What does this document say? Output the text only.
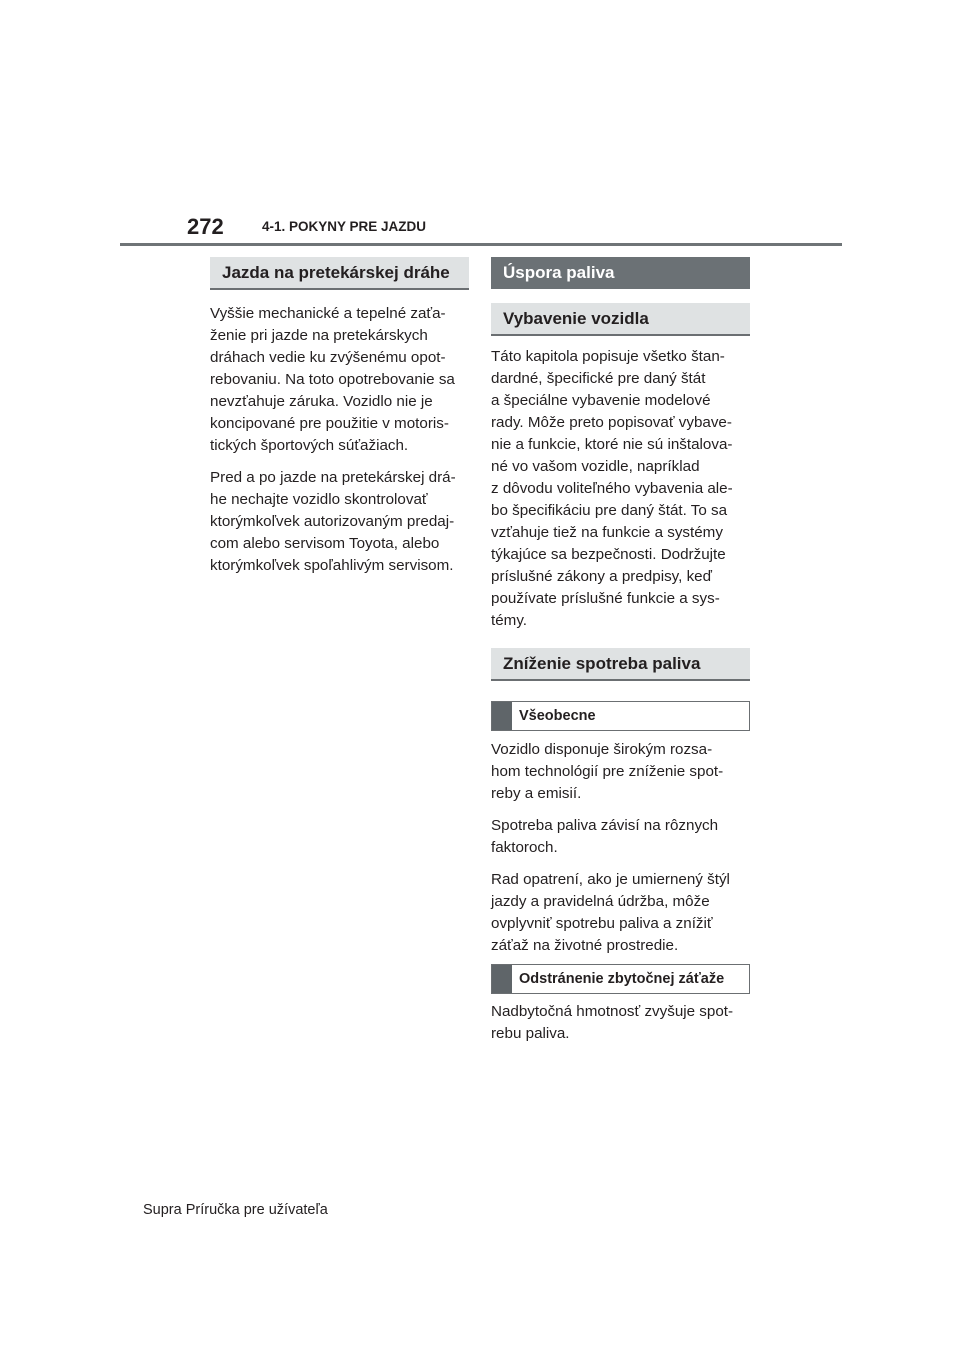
272	4-1. POKYNY PRE JAZDU
Jazda na pretekárskej dráhe

Vyššie mechanické a tepelné zaťa-
ženie pri jazde na pretekárskych
dráhach vedie ku zvýšenému opot-
rebovaniu. Na toto opotrebovanie sa
nevzťahuje záruka. Vozidlo nie je
koncipované pre použitie v motoris-
tických športových súťažiach.

Pred a po jazde na pretekárskej drá-
he nechajte vozidlo skontrolovať
ktorýmkoľvek autorizovaným predaj-
com alebo servisom Toyota, alebo
ktorýmkoľvek spoľahlivým servisom.

Úspora paliva
Vybavenie vozidla

Táto kapitola popisuje všetko štan-
dardné, špecifické pre daný štát
a špeciálne vybavenie modelové
rady. Môže preto popisovať vybave-
nie a funkcie, ktoré nie sú inštalova-
né vo vašom vozidle, napríklad
z dôvodu voliteľného vybavenia ale-
bo špecifikáciu pre daný štát. To sa
vzťahuje tiež na funkcie a systémy
týkajúce sa bezpečnosti. Dodržujte
príslušné zákony a predpisy, keď
používate príslušné funkcie a sys-
témy.

Zníženie spotreba paliva
Všeobecne

Vozidlo disponuje širokým rozsa-
hom technológií pre zníženie spot-
reby a emisií.

Spotreba paliva závisí na rôznych
faktoroch.

Rad opatrení, ako je umiernený štýl
jazdy a pravidelná údržba, môže
ovplyvniť spotrebu paliva a znížiť
záťaž na životné prostredie.

Odstránenie zbytočnej záťaže

Nadbytočná hmotnosť zvyšuje spot-
rebu paliva.

Supra Príručka pre užívateľa
